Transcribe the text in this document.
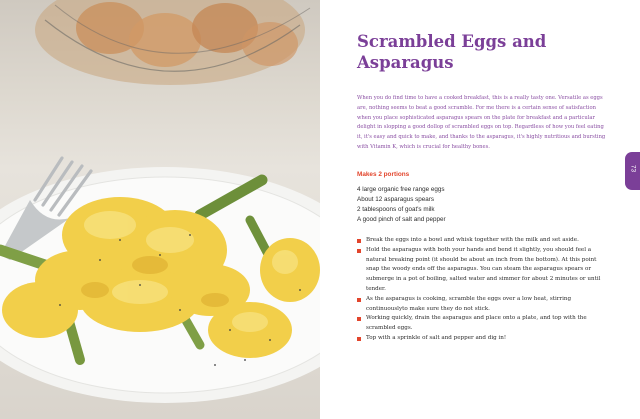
Scrambled Eggs and Asparagus

When you do find time to have a cooked breakfast, this is a really tasty one. Versatile as eggs are, nothing seems to beat a good scramble. For me there is a certain sense of satisfaction when you place sophisticated asparagus spears on the plate for breakfast and a particular delight in slopping a good dollop of scrambled eggs on top. Regardless of how you feel eating it, it's easy and quick to make, and thanks to the asparagus, it's highly nutritious and bursting with Vitamin K, which is crucial for healthy bones.

Makes 2 portions

4 large organic free range eggs
About 12 asparagus spears
2 tablespoons of goat's milk
A good pinch of salt and pepper
Break the eggs into a bowl and whisk together with the milk and set aside.
Hold the asparagus with both your hands and bend it slightly, you should feel a natural breaking point (it should be about an inch from the bottom). At this point snap the woody ends off the asparagus. You can steam the asparagus spears or submerge in a pot of boiling, salted water and simmer for about 2 minutes or until tender.
As the asparagus is cooking, scramble the eggs over a low heat, stirring continuouslyto make sure they do not stick.
Working quickly, drain the asparagus and place onto a plate, and top with the scrambled eggs.
Top with a sprinkle of salt and pepper and dig in!
73
